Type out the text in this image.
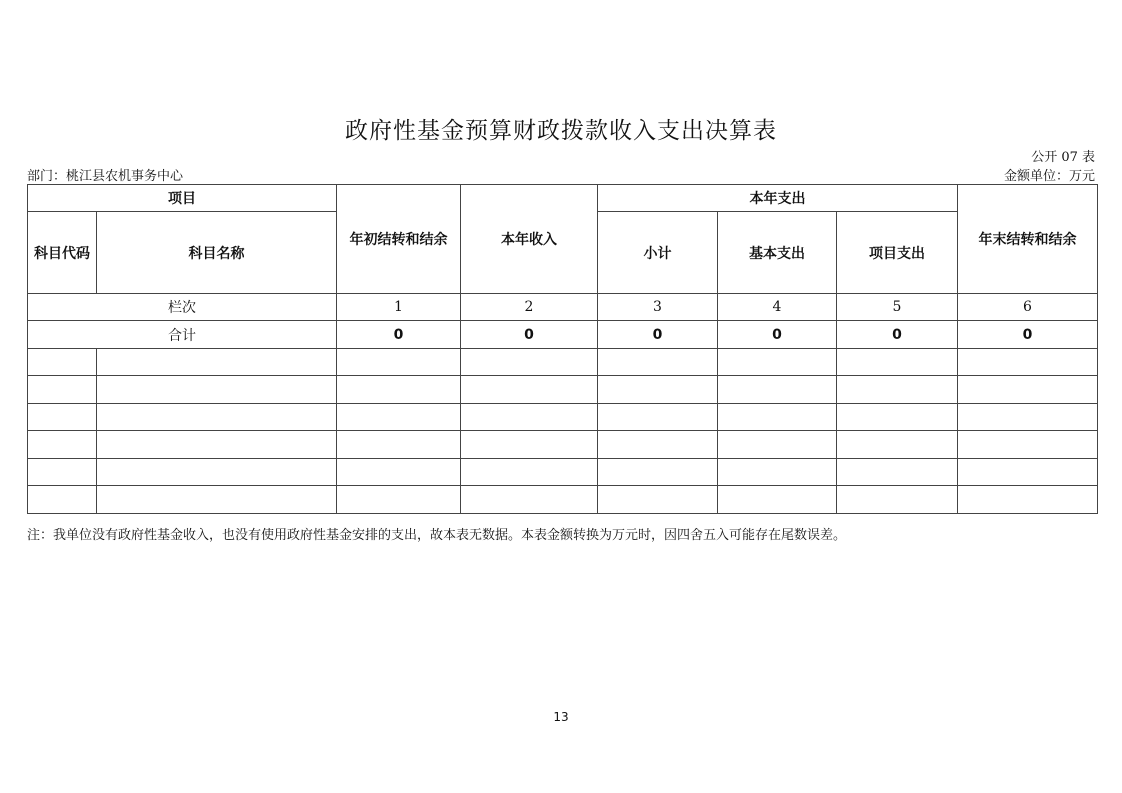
政府性基金预算财政拨款收入支出决算表
公开 07 表
部门：桃江县农机事务中心	金额单位：万元
项目		年初结转和结余	本年收入	本年支出			年末结转和结余
科目代码	科目名称			小计	基本支出	项目支出	
栏次		1	2	3	4	5	6
合计		0	0	0	0	0	0

注：我单位没有政府性基金收入，也没有使用政府性基金安排的支出，故本表无数据。本表金额转换为万元时，因四舍五入可能存在尾数误差。
13
